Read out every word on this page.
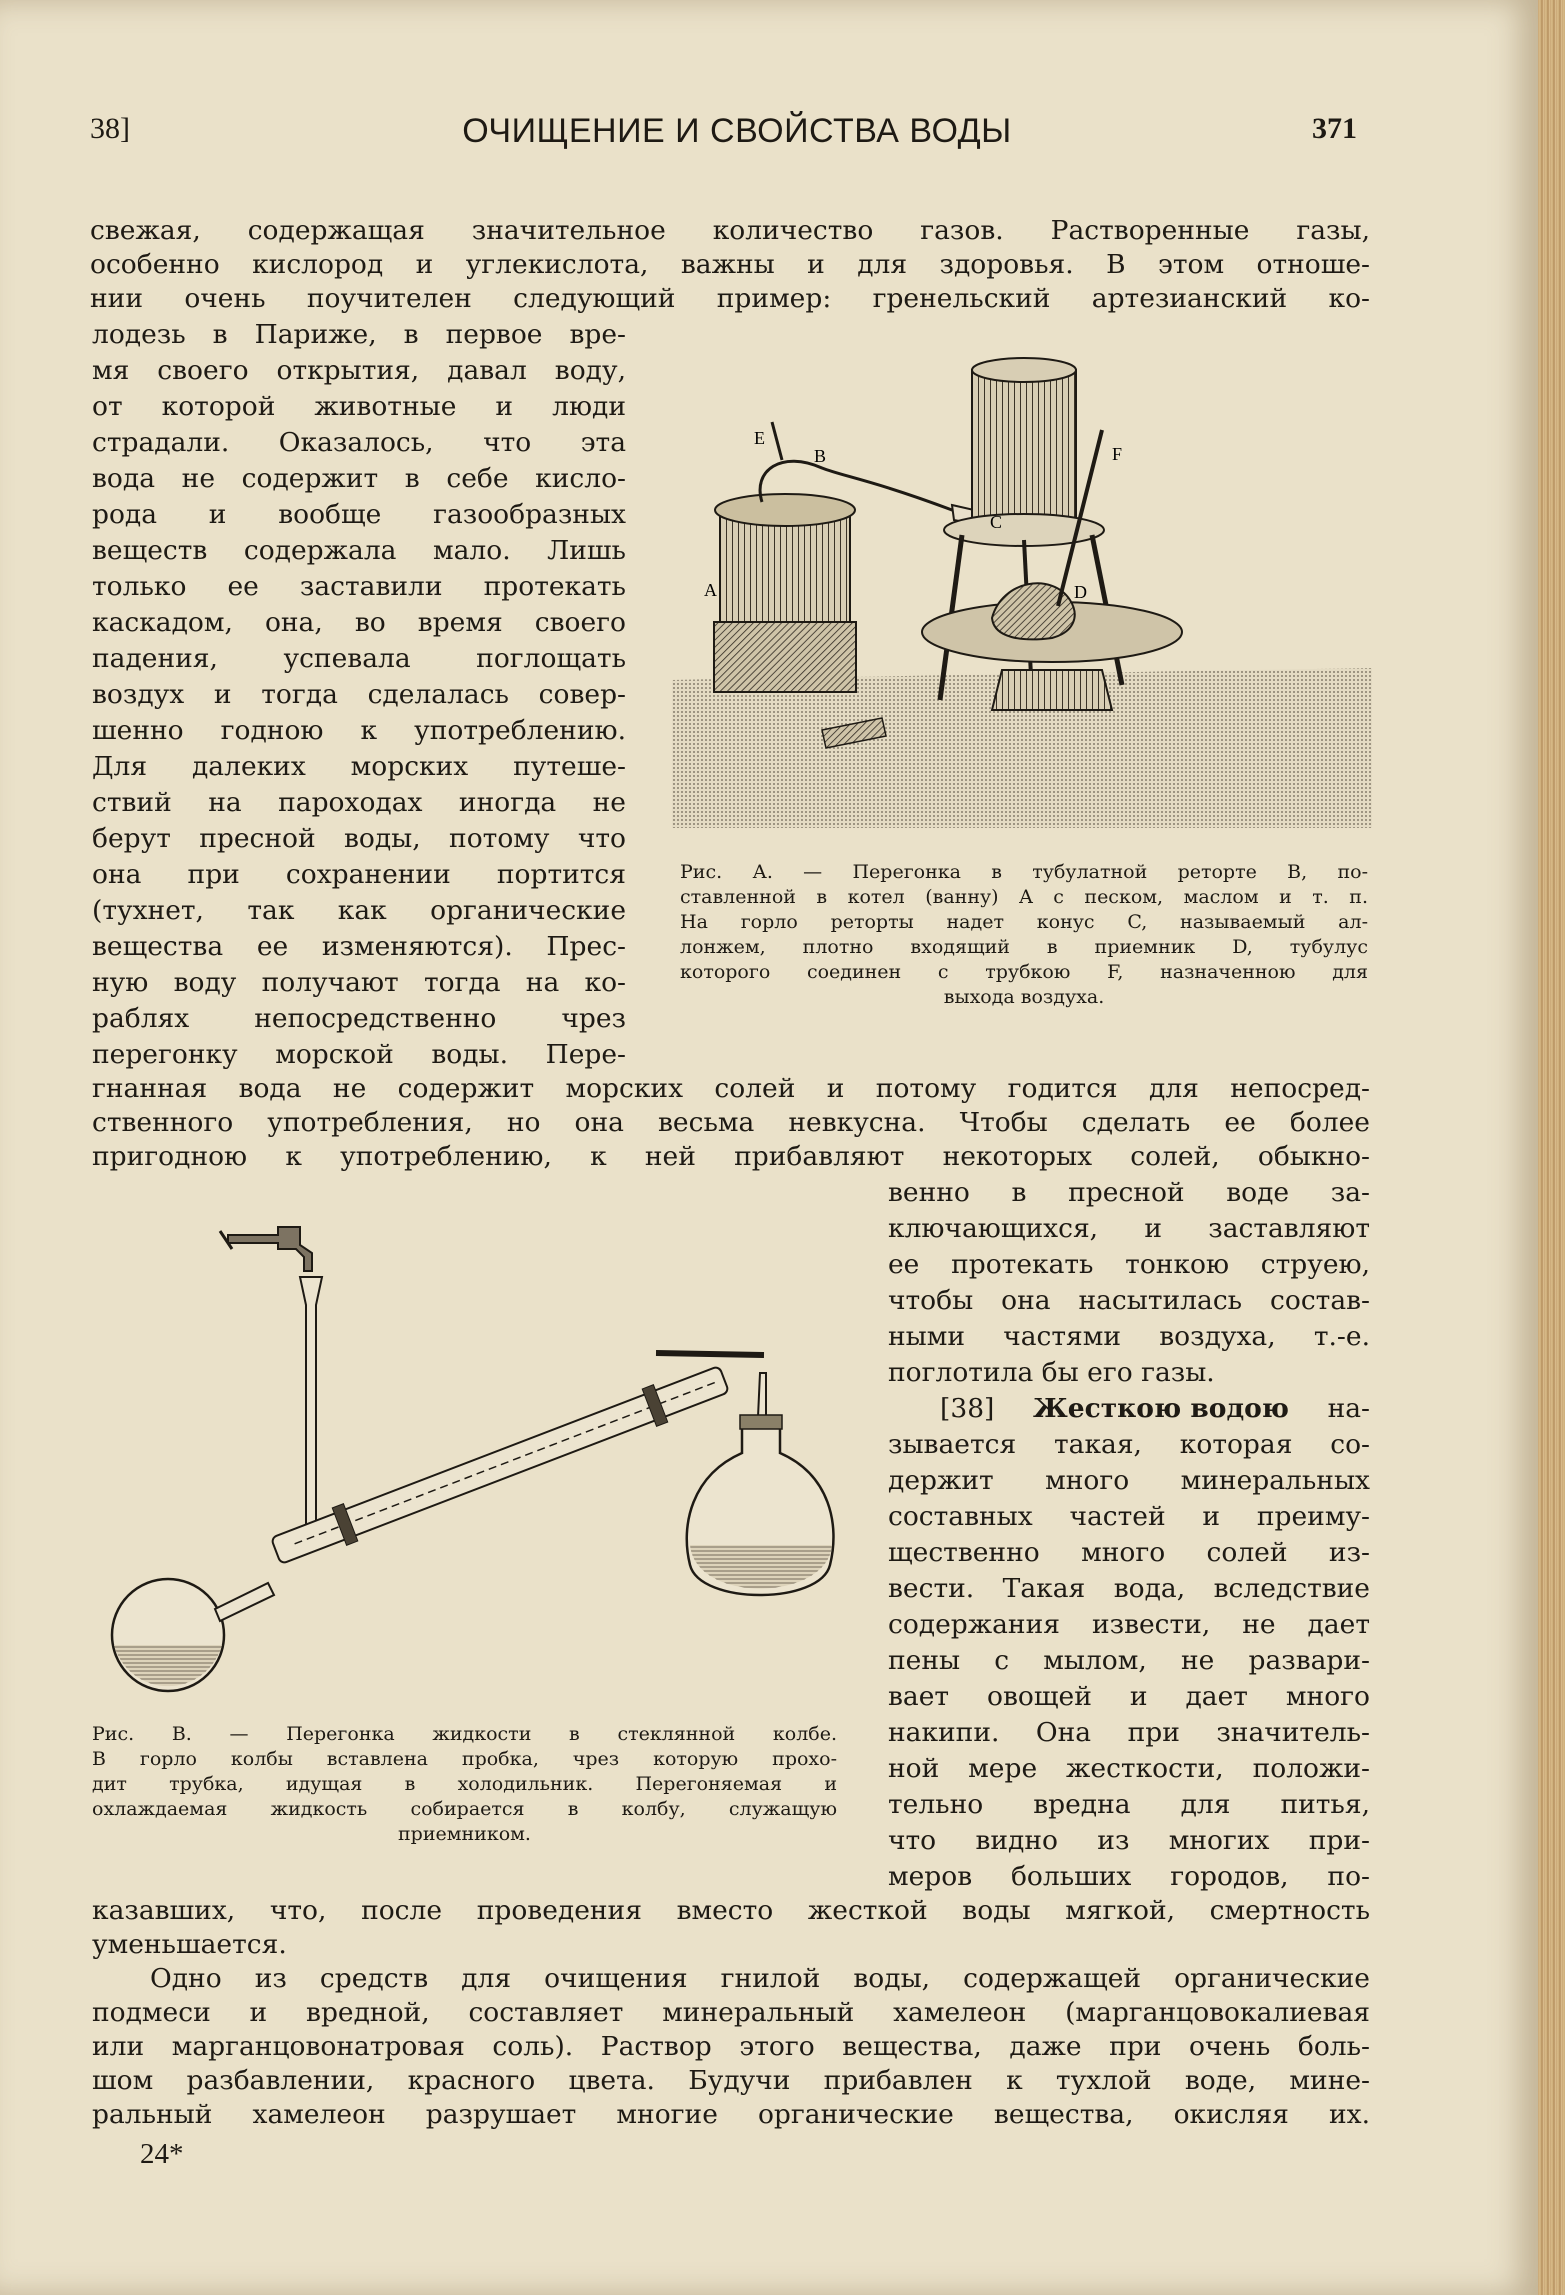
38]	ОЧИЩЕНИЕ И СВОЙСТВА ВОДЫ	371
свежая, содержащая значительное количество газов. Растворенные газы,
особенно кислород и углекислота, важны и для здоровья. В этом отноше-
нии очень поучителен следующий пример: гренельский артезианский ко-
лодезь в Париже, в первое вре-
мя своего открытия, давал воду,
от которой животные и люди
страдали. Оказалось, что эта
вода не содержит в себе кисло-
рода и вообще газообразных
веществ содержала мало. Лишь
только ее заставили протекать
каскадом, она, во время своего
падения, успевала поглощать
воздух и тогда сделалась совер-
шенно годною к употреблению.
Для далеких морских путеше-
ствий на пароходах иногда не
берут пресной воды, потому что
она при сохранении портится
(тухнет, так как органические
вещества ее изменяются). Прес-
ную воду получают тогда на ко-
раблях непосредственно чрез
перегонку морской воды. Пере-
A
E
B
C
D
F
Рис. А. — Перегонка в тубулатной реторте B, по-
ставленной в котел (ванну) A с песком, маслом и т. п.
На горло реторты надет конус C, называемый ал-
лонжем, плотно входящий в приемник D, тубулус
которого соединен с трубкою F, назначенною для
выхода воздуха.
гнанная вода не содержит морских солей и потому годится для непосред-
ственного употребления, но она весьма невкусна. Чтобы сделать ее более
пригодною к употреблению, к ней прибавляют некоторых солей, обыкно-
венно в пресной воде за-
ключающихся, и заставляют
ее протекать тонкою струею,
чтобы она насытилась состав-
ными частями воздуха, т.-е.
поглотила бы его газы.
[38] Жесткою водою на-
зывается такая, которая со-
держит много минеральных
составных частей и преиму-
щественно много солей из-
вести. Такая вода, вследствие
содержания извести, не дает
пены с мылом, не развари-
вает овощей и дает много
накипи. Она при значитель-
ной мере жесткости, положи-
тельно вредна для питья,
что видно из многих при-
меров больших городов, по-
Рис. В. — Перегонка жидкости в стеклянной колбе.
В горло колбы вставлена пробка, чрез которую прохо-
дит трубка, идущая в холодильник. Перегоняемая и
охлаждаемая жидкость собирается в колбу, служащую
приемником.
казавших, что, после проведения вместо жесткой воды мягкой, смертность
уменьшается.
Одно из средств для очищения гнилой воды, содержащей органические
подмеси и вредной, составляет минеральный хамелеон (марганцовокалиевая
или марганцовонатровая соль). Раствор этого вещества, даже при очень боль-
шом разбавлении, красного цвета. Будучи прибавлен к тухлой воде, мине-
ральный хамелеон разрушает многие органические вещества, окисляя их.
24*
